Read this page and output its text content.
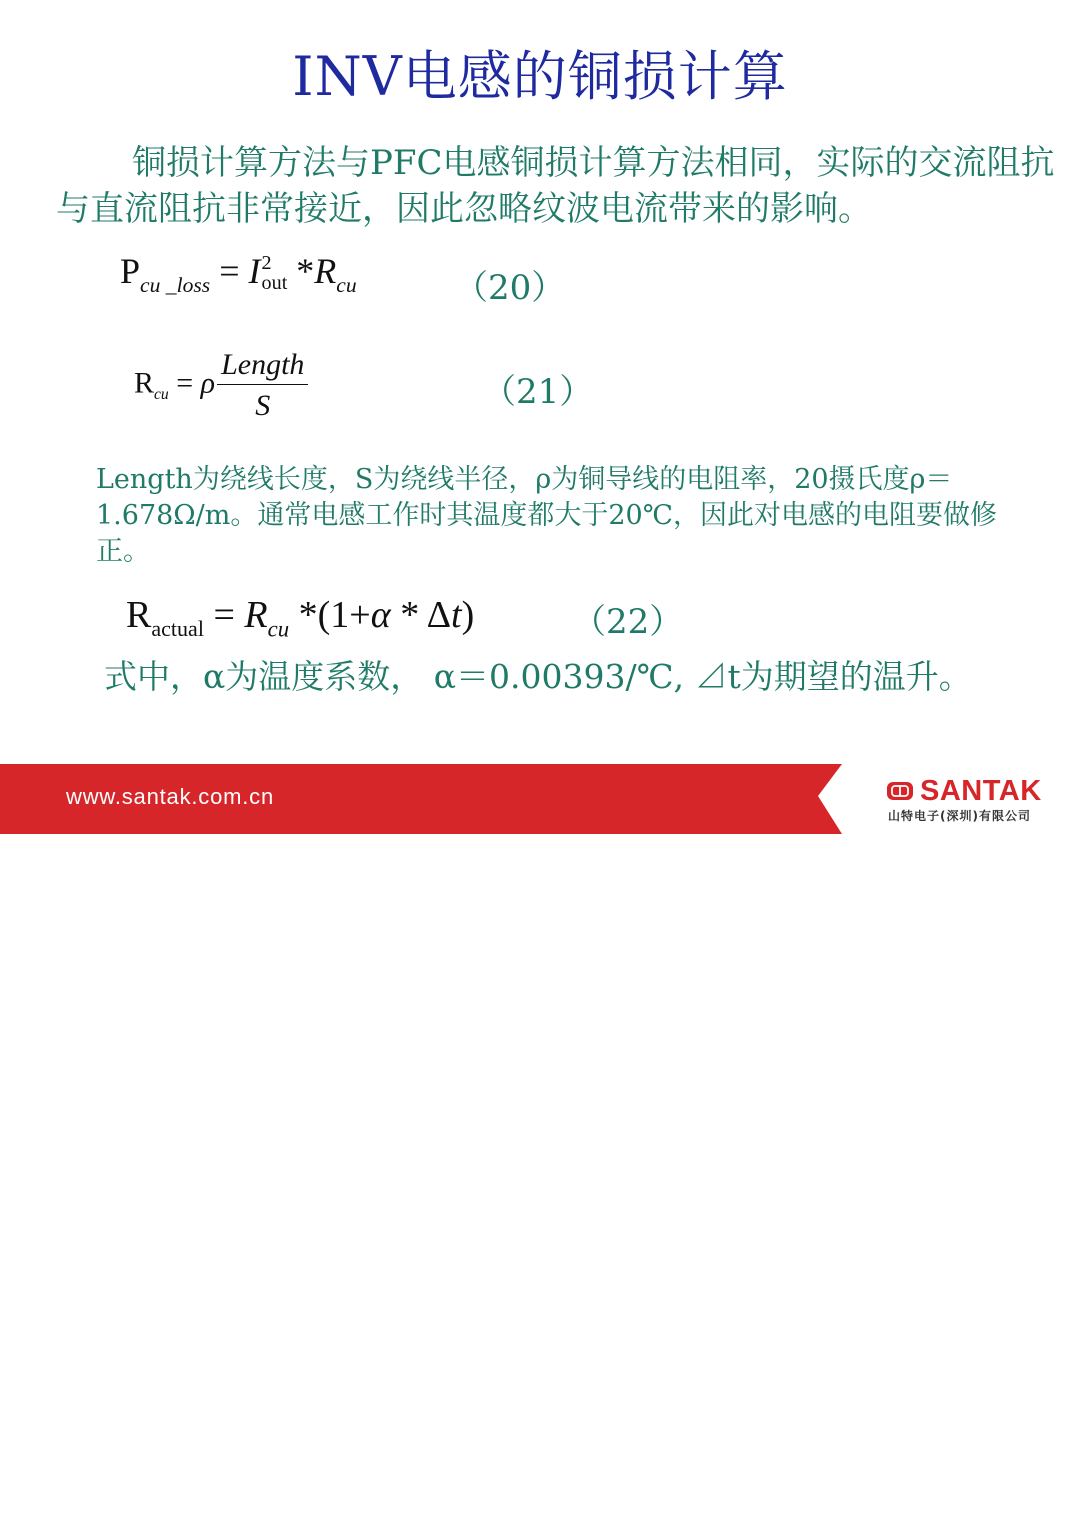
INV电感的铜损计算
铜损计算方法与PFC电感铜损计算方法相同，实际的交流阻抗与直流阻抗非常接近，因此忽略纹波电流带来的影响。
$P_{cu \_loss} = I$ 2
out $*R_{cu}$	（20）
$R_{cu} = \rho \frac{\text{Length}}{S}$	（21）
Length为绕线长度，S为绕线半径，ρ为铜导线的电阻率，20摄氏度ρ＝1.678Ω/m。通常电感工作时其温度都大于20℃，因此对电感的电阻要做修正。
$R_{actual} = R_{cu}$ *(1+α * Δt)	（22）
式中，α为温度系数， α＝0.00393/℃, ⊿t为期望的温升。
www.santak.com.cn	SANTAK
山特电子(深圳)有限公司
